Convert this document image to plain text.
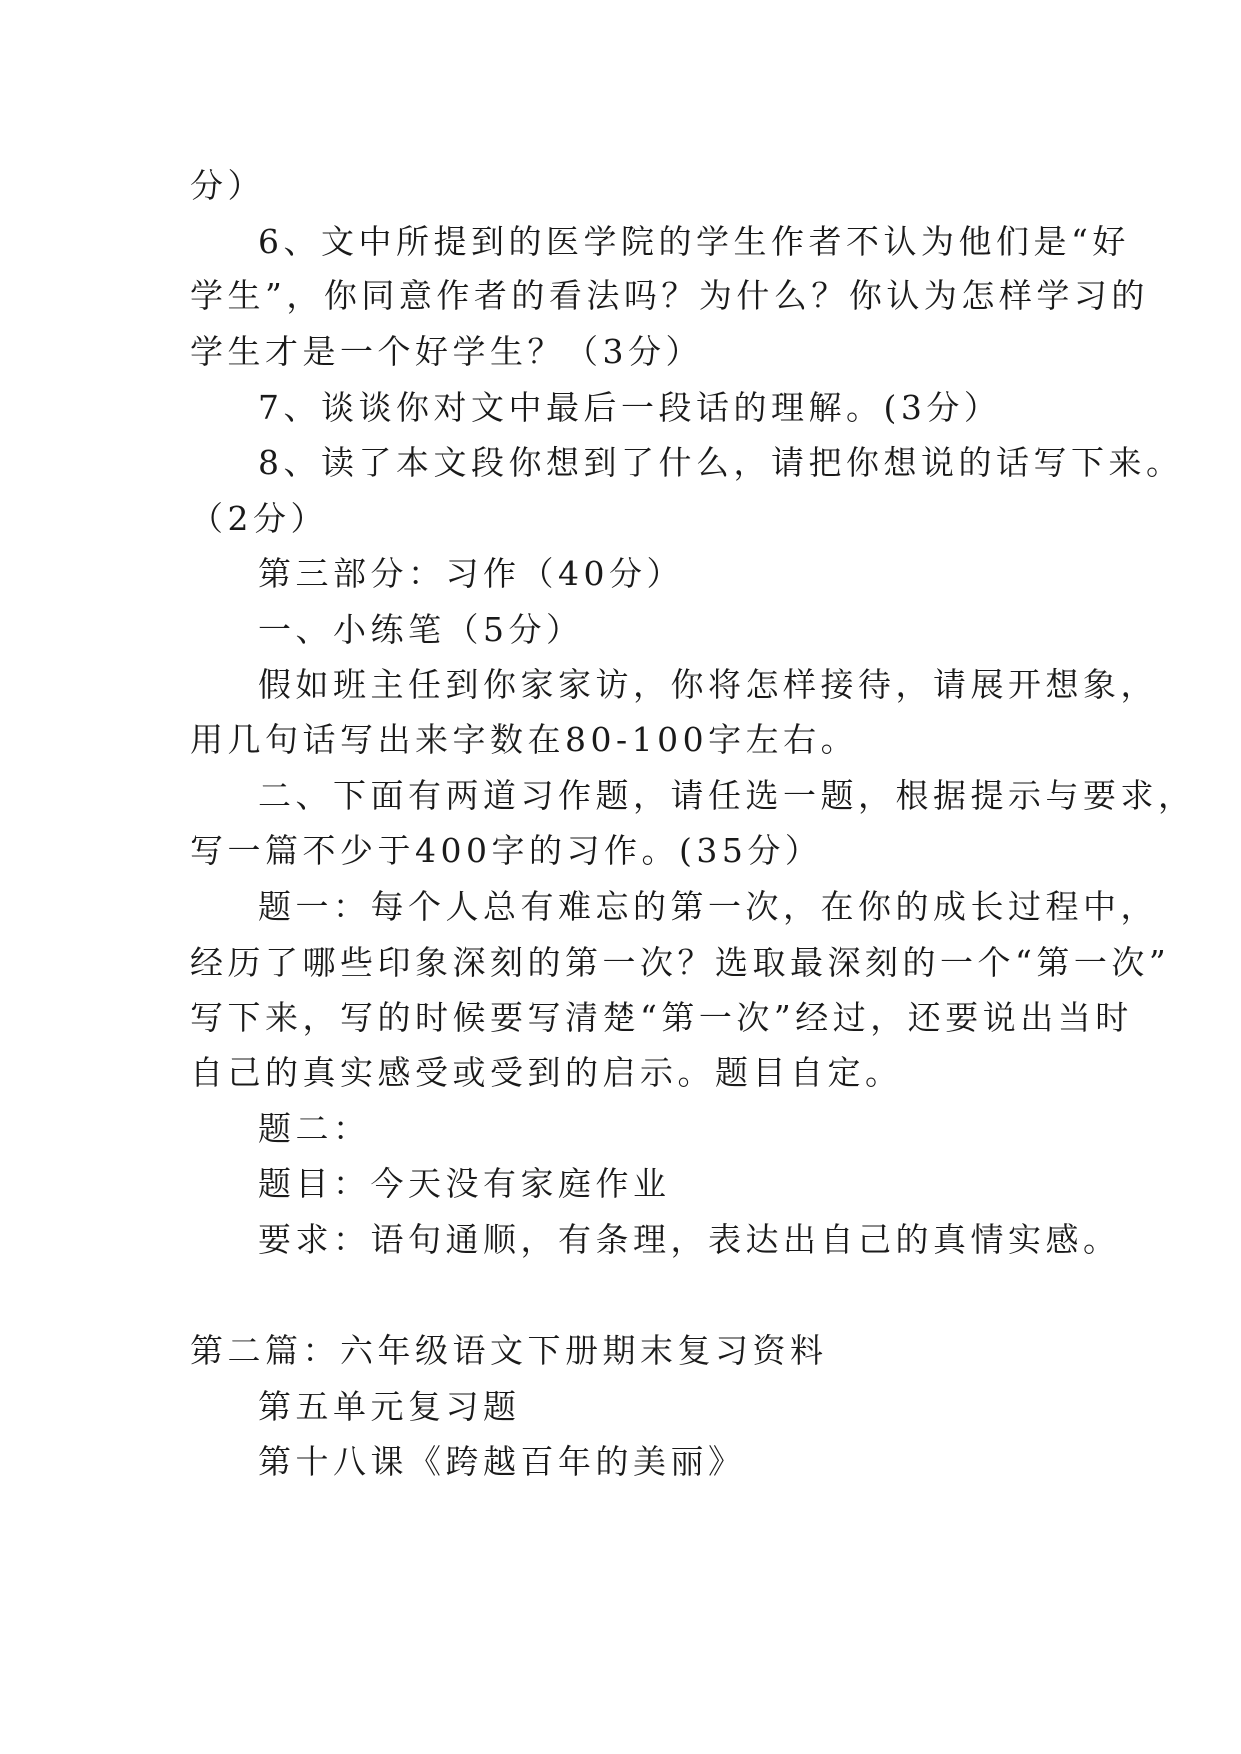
分）
6、文中所提到的医学院的学生作者不认为他们是“好
学生”，你同意作者的看法吗？为什么？你认为怎样学习的
学生才是一个好学生？（3分）
7、谈谈你对文中最后一段话的理解。(3分）
8、读了本文段你想到了什么，请把你想说的话写下来。
（2分）
第三部分：习作（40分）
一、小练笔（5分）
假如班主任到你家家访，你将怎样接待，请展开想象，
用几句话写出来字数在80-100字左右。
二、下面有两道习作题，请任选一题，根据提示与要求，
写一篇不少于400字的习作。(35分）
题一：每个人总有难忘的第一次，在你的成长过程中，
经历了哪些印象深刻的第一次？选取最深刻的一个“第一次”
写下来，写的时候要写清楚“第一次”经过，还要说出当时
自己的真实感受或受到的启示。题目自定。
题二：
题目：今天没有家庭作业
要求：语句通顺，有条理，表达出自己的真情实感。
第二篇：六年级语文下册期末复习资料
第五单元复习题
第十八课《跨越百年的美丽》
